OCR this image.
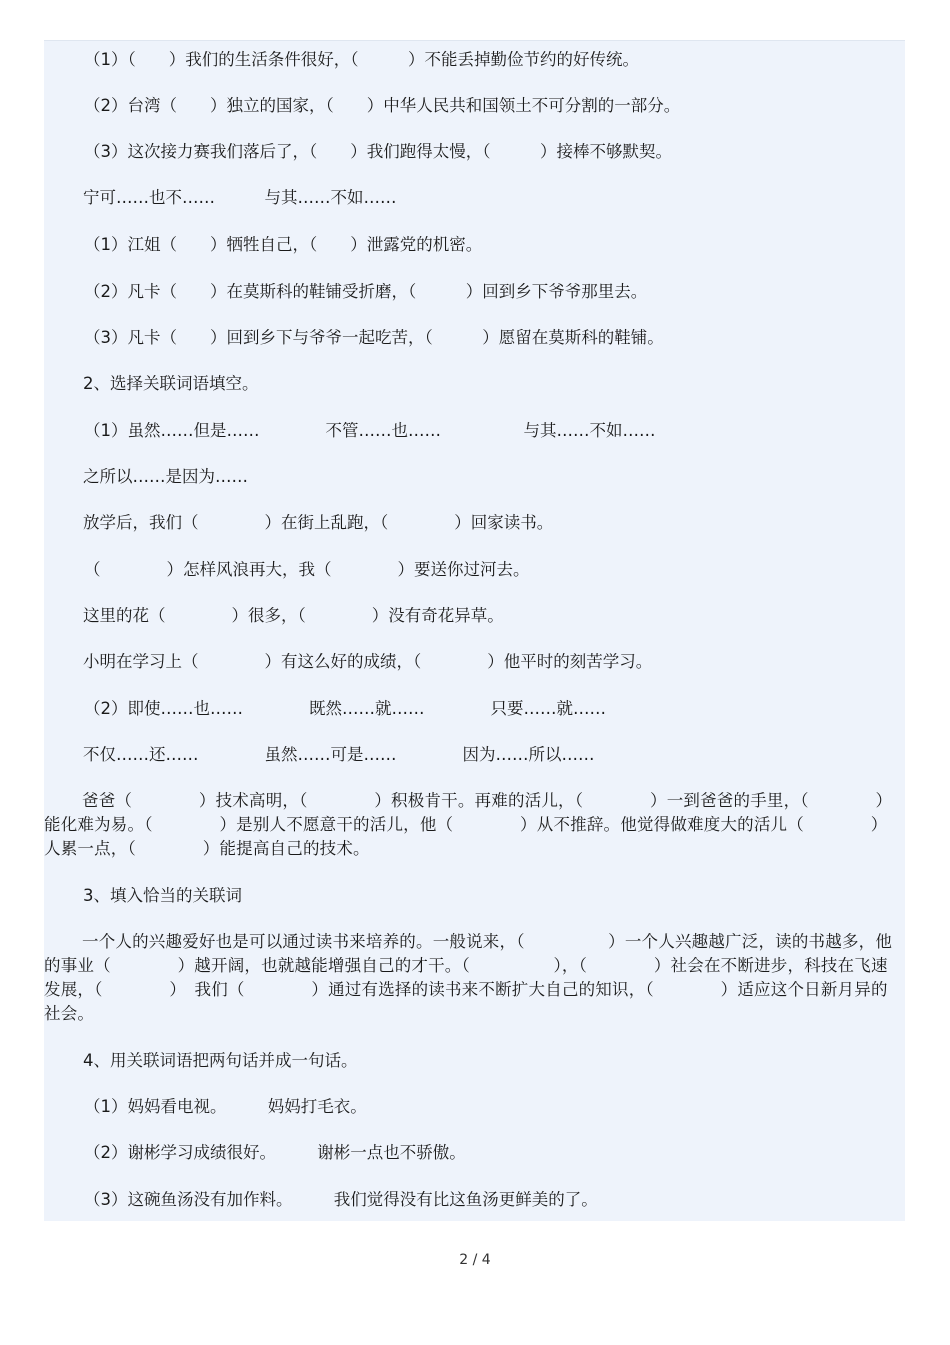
（1）（　　）我们的生活条件很好，（　　　）不能丢掉勤俭节约的好传统。

（2）台湾（　　）独立的国家，（　　）中华人民共和国领土不可分割的一部分。

（3）这次接力赛我们落后了，（　　）我们跑得太慢，（　　　）接棒不够默契。

宁可……也不……　　　与其……不如……

（1）江姐（　　）牺牲自己，（　　）泄露党的机密。

（2）凡卡（　　）在莫斯科的鞋铺受折磨，（　　　）回到乡下爷爷那里去。

（3）凡卡（　　）回到乡下与爷爷一起吃苦，（　　　）愿留在莫斯科的鞋铺。

2、选择关联词语填空。

（1）虽然……但是……　　　　不管……也……　　　　　与其……不如……

之所以……是因为……

放学后，我们（　　　　）在街上乱跑，（　　　　）回家读书。

（　　　　）怎样风浪再大，我（　　　　）要送你过河去。

这里的花（　　　　）很多，（　　　　）没有奇花异草。

小明在学习上（　　　　）有这么好的成绩，（　　　　）他平时的刻苦学习。

（2）即使……也……　　　　既然……就……　　　　只要……就……

不仅……还……　　　　虽然……可是……　　　　因为……所以……

爸爸（　　　　）技术高明，（　　　　）积极肯干。再难的活儿，（　　　　）一到爸爸的手里，（　　　　）能化难为易。（　　　　）是别人不愿意干的活儿，他（　　　　）从不推辞。他觉得做难度大的活儿（　　　　）人累一点，（　　　　）能提高自己的技术。

3、填入恰当的关联词

一个人的兴趣爱好也是可以通过读书来培养的。一般说来，（　　　　　）一个人兴趣越广泛，读的书越多，他的事业（　　　　）越开阔，也就越能增强自己的才干。（　　　　　），（　　　　）社会在不断进步，科技在飞速发展，（　　　　）　我们（　　　　）通过有选择的读书来不断扩大自己的知识，（　　　　）适应这个日新月异的社会。

4、用关联词语把两句话并成一句话。

（1）妈妈看电视。　　　妈妈打毛衣。

（2）谢彬学习成绩很好。　　　谢彬一点也不骄傲。

（3）这碗鱼汤没有加作料。　　　我们觉得没有比这鱼汤更鲜美的了。

2 / 4
